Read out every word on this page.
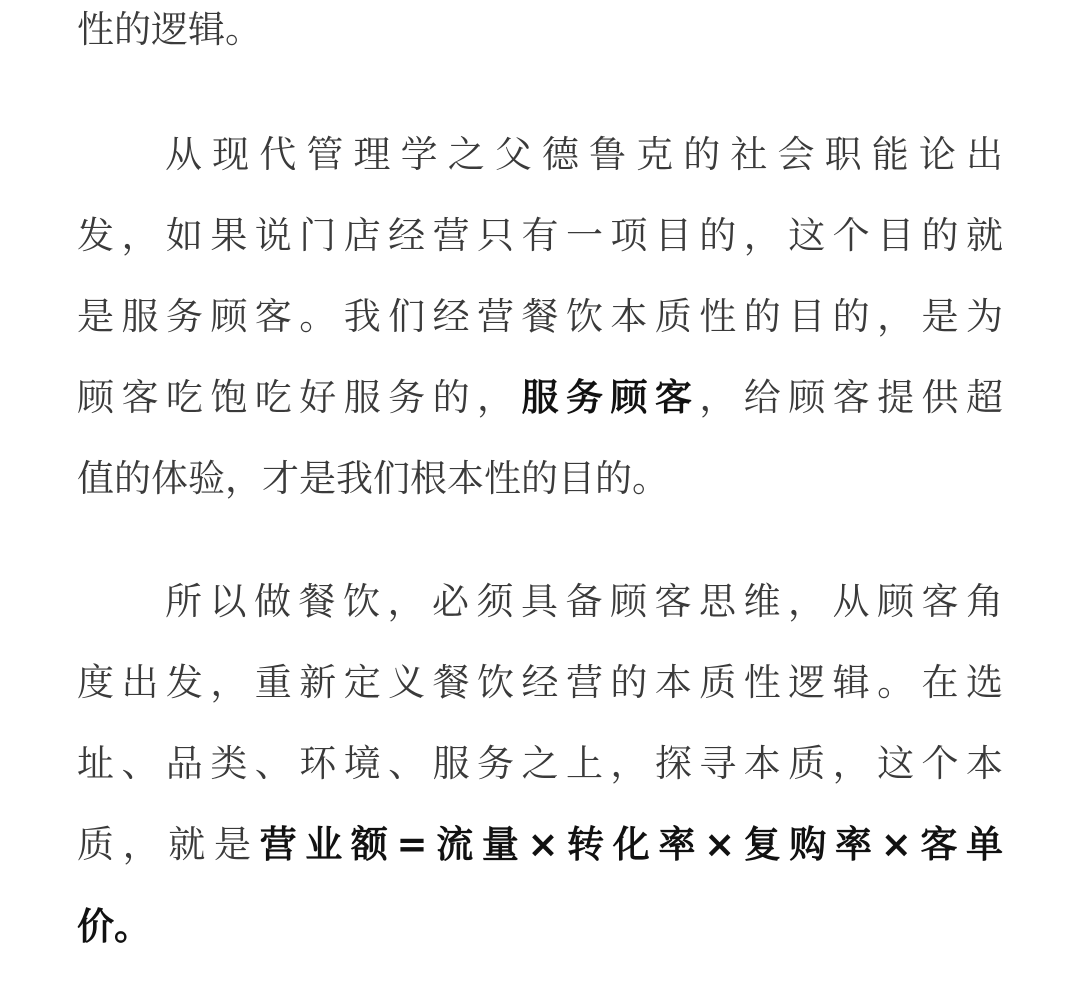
性的逻辑。
从现代管理学之父德鲁克的社会职能论出
发，如果说门店经营只有一项目的，这个目的就
是服务顾客。我们经营餐饮本质性的目的，是为
顾客吃饱吃好服务的，服务顾客，给顾客提供超
值的体验，才是我们根本性的目的。
所以做餐饮，必须具备顾客思维，从顾客角
度出发，重新定义餐饮经营的本质性逻辑。在选
址、品类、环境、服务之上，探寻本质，这个本
质，就是营业额=流量×转化率×复购率×客单
价。
